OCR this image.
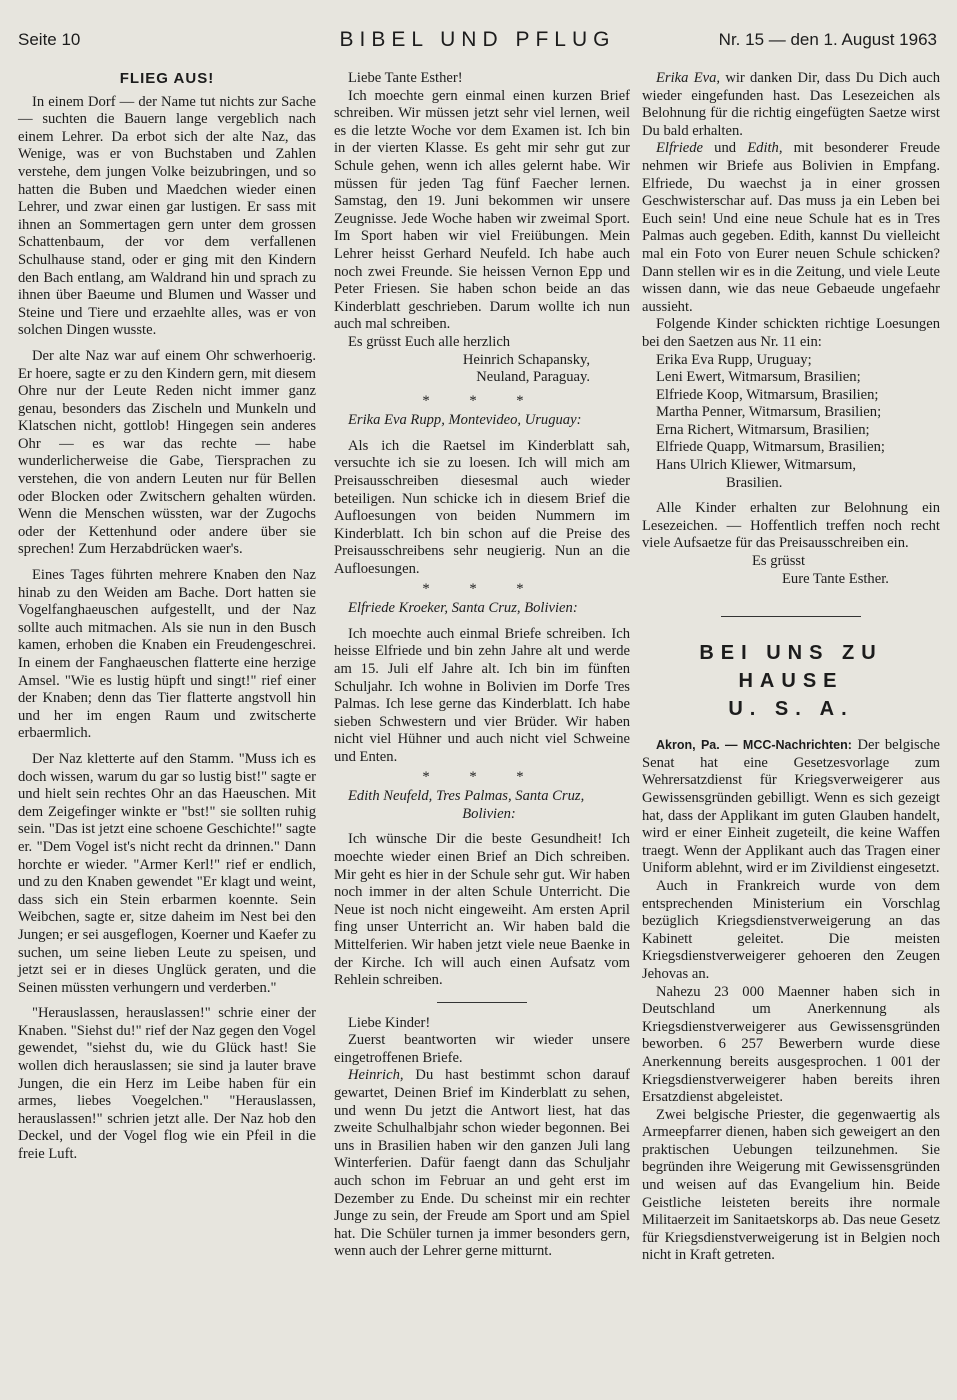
Seite 10	BIBEL UND PFLUG	Nr. 15 — den 1. August 1963
FLIEG AUS!

In einem Dorf — der Name tut nichts zur Sache — suchten die Bauern lange vergeblich nach einem Lehrer. Da erbot sich der alte Naz, das Wenige, was er von Buchstaben und Zahlen verstehe, dem jungen Volke beizubringen, und so hatten die Buben und Maedchen wieder einen Lehrer, und zwar einen gar lustigen. Er sass mit ihnen an Sommertagen gern unter dem grossen Schattenbaum, der vor dem verfallenen Schulhause stand, oder er ging mit den Kindern den Bach entlang, am Waldrand hin und sprach zu ihnen über Baeume und Blumen und Wasser und Steine und Tiere und erzaehlte alles, was er von solchen Dingen wusste.

Der alte Naz war auf einem Ohr schwerhoerig. Er hoere, sagte er zu den Kindern gern, mit diesem Ohre nur der Leute Reden nicht immer ganz genau, besonders das Zischeln und Munkeln und Klatschen nicht, gottlob! Hingegen sein anderes Ohr — es war das rechte — habe wunderlicherweise die Gabe, Tiersprachen zu verstehen, die von andern Leuten nur für Bellen oder Blocken oder Zwitschern gehalten würden. Wenn die Menschen wüssten, war der Zugochs oder der Kettenhund oder andere über sie sprechen! Zum Herzabdrücken waer's.

Eines Tages führten mehrere Knaben den Naz hinab zu den Weiden am Bache. Dort hatten sie Vogelfanghaeuschen aufgestellt, und der Naz sollte auch mitmachen. Als sie nun in den Busch kamen, erhoben die Knaben ein Freudengeschrei. In einem der Fanghaeuschen flatterte eine herzige Amsel. "Wie es lustig hüpft und singt!" rief einer der Knaben; denn das Tier flatterte angstvoll hin und her im engen Raum und zwitscherte erbaermlich.

Der Naz kletterte auf den Stamm. "Muss ich es doch wissen, warum du gar so lustig bist!" sagte er und hielt sein rechtes Ohr an das Haeuschen. Mit dem Zeigefinger winkte er "bst!" sie sollten ruhig sein. "Das ist jetzt eine schoene Geschichte!" sagte er. "Dem Vogel ist's nicht recht da drinnen." Dann horchte er wieder. "Armer Kerl!" rief er endlich, und zu den Knaben gewendet "Er klagt und weint, dass sich ein Stein erbarmen koennte. Sein Weibchen, sagte er, sitze daheim im Nest bei den Jungen; er sei ausgeflogen, Koerner und Kaefer zu suchen, um seine lieben Leute zu speisen, und jetzt sei er in dieses Unglück geraten, und die Seinen müssten verhungern und verderben."

"Herauslassen, herauslassen!" schrie einer der Knaben. "Siehst du!" rief der Naz gegen den Vogel gewendet, "siehst du, wie du Glück hast! Sie wollen dich herauslassen; sie sind ja lauter brave Jungen, die ein Herz im Leibe haben für ein armes, liebes Voegelchen." "Herauslassen, herauslassen!" schrien jetzt alle. Der Naz hob den Deckel, und der Vogel flog wie ein Pfeil in die freie Luft.

Liebe Tante Esther!

Ich moechte gern einmal einen kurzen Brief schreiben. Wir müssen jetzt sehr viel lernen, weil es die letzte Woche vor dem Examen ist. Ich bin in der vierten Klasse. Es geht mir sehr gut zur Schule gehen, wenn ich alles gelernt habe. Wir müssen für jeden Tag fünf Faecher lernen. Samstag, den 19. Juni bekommen wir unsere Zeugnisse. Jede Woche haben wir zweimal Sport. Im Sport haben wir viel Freiübungen. Mein Lehrer heisst Gerhard Neufeld. Ich habe auch noch zwei Freunde. Sie heissen Vernon Epp und Peter Friesen. Sie haben schon beide an das Kinderblatt geschrieben. Darum wollte ich nun auch mal schreiben.

Es grüsst Euch alle herzlich

Heinrich Schapansky,
Neuland, Paraguay.
* * *

Erika Eva Rupp, Montevideo, Uruguay:

Als ich die Raetsel im Kinderblatt sah, versuchte ich sie zu loesen. Ich will mich am Preisausschreiben diesesmal auch wieder beteiligen. Nun schicke ich in diesem Brief die Aufloesungen von beiden Nummern im Kinderblatt. Ich bin schon auf die Preise des Preisausschreibens sehr neugierig. Nun an die Aufloesungen.

* * *

Elfriede Kroeker, Santa Cruz, Bolivien:

Ich moechte auch einmal Briefe schreiben. Ich heisse Elfriede und bin zehn Jahre alt und werde am 15. Juli elf Jahre alt. Ich bin im fünften Schuljahr. Ich wohne in Bolivien im Dorfe Tres Palmas. Ich lese gerne das Kinderblatt. Ich habe sieben Schwestern und vier Brüder. Wir haben nicht viel Hühner und auch nicht viel Schweine und Enten.

* * *

Edith Neufeld, Tres Palmas, Santa Cruz,

Bolivien:

Ich wünsche Dir die beste Gesundheit! Ich moechte wieder einen Brief an Dich schreiben. Mir geht es hier in der Schule sehr gut. Wir haben noch immer in der alten Schule Unterricht. Die Neue ist noch nicht eingeweiht. Am ersten April fing unser Unterricht an. Wir haben bald die Mittelferien. Wir haben jetzt viele neue Baenke in der Kirche. Ich will auch einen Aufsatz vom Rehlein schreiben.

Liebe Kinder!

Zuerst beantworten wir wieder unsere eingetroffenen Briefe.

Heinrich, Du hast bestimmt schon darauf gewartet, Deinen Brief im Kinderblatt zu sehen, und wenn Du jetzt die Antwort liest, hat das zweite Schulhalbjahr schon wieder begonnen. Bei uns in Brasilien haben wir den ganzen Juli lang Winterferien. Dafür faengt dann das Schuljahr auch schon im Februar an und geht erst im Dezember zu Ende. Du scheinst mir ein rechter Junge zu sein, der Freude am Sport und am Spiel hat. Die Schüler turnen ja immer besonders gern, wenn auch der Lehrer gerne mitturnt.

Erika Eva, wir danken Dir, dass Du Dich auch wieder eingefunden hast. Das Lesezeichen als Belohnung für die richtig eingefügten Saetze wirst Du bald erhalten.

Elfriede und Edith, mit besonderer Freude nehmen wir Briefe aus Bolivien in Empfang. Elfriede, Du waechst ja in einer grossen Geschwisterschar auf. Das muss ja ein Leben bei Euch sein! Und eine neue Schule hat es in Tres Palmas auch gegeben. Edith, kannst Du vielleicht mal ein Foto von Eurer neuen Schule schicken? Dann stellen wir es in die Zeitung, und viele Leute wissen dann, wie das neue Gebaeude ungefaehr aussieht.

Folgende Kinder schickten richtige Loesungen bei den Saetzen aus Nr. 11 ein:

Erika Eva Rupp, Uruguay;
Leni Ewert, Witmarsum, Brasilien;
Elfriede Koop, Witmarsum, Brasilien;
Martha Penner, Witmarsum, Brasilien;
Erna Richert, Witmarsum, Brasilien;
Elfriede Quapp, Witmarsum, Brasilien;
Hans Ulrich Kliewer, Witmarsum,
Brasilien.

Alle Kinder erhalten zur Belohnung ein Lesezeichen. — Hoffentlich treffen noch recht viele Aufsaetze für das Preisausschreiben ein.

Es grüsst
Eure Tante Esther.
BEI UNS ZU HAUSE
U. S. A.

Akron, Pa. — MCC-Nachrichten: Der belgische Senat hat eine Gesetzesvorlage zum Wehrersatzdienst für Kriegsverweigerer aus Gewissensgründen gebilligt. Wenn es sich gezeigt hat, dass der Applikant im guten Glauben handelt, wird er einer Einheit zugeteilt, die keine Waffen traegt. Wenn der Applikant auch das Tragen einer Uniform ablehnt, wird er im Zivildienst eingesetzt.

Auch in Frankreich wurde von dem entsprechenden Ministerium ein Vorschlag bezüglich Kriegsdienstverweigerung an das Kabinett geleitet. Die meisten Kriegsdienstverweigerer gehoeren den Zeugen Jehovas an.

Nahezu 23 000 Maenner haben sich in Deutschland um Anerkennung als Kriegsdienstverweigerer aus Gewissensgründen beworben. 6 257 Bewerbern wurde diese Anerkennung bereits ausgesprochen. 1 001 der Kriegsdienstverweigerer haben bereits ihren Ersatzdienst abgeleistet.

Zwei belgische Priester, die gegenwaertig als Armeepfarrer dienen, haben sich geweigert an den praktischen Uebungen teilzunehmen. Sie begründen ihre Weigerung mit Gewissensgründen und weisen auf das Evangelium hin. Beide Geistliche leisteten bereits ihre normale Militaerzeit im Sanitaetskorps ab. Das neue Gesetz für Kriegsdienstverweigerung ist in Belgien noch nicht in Kraft getreten.
